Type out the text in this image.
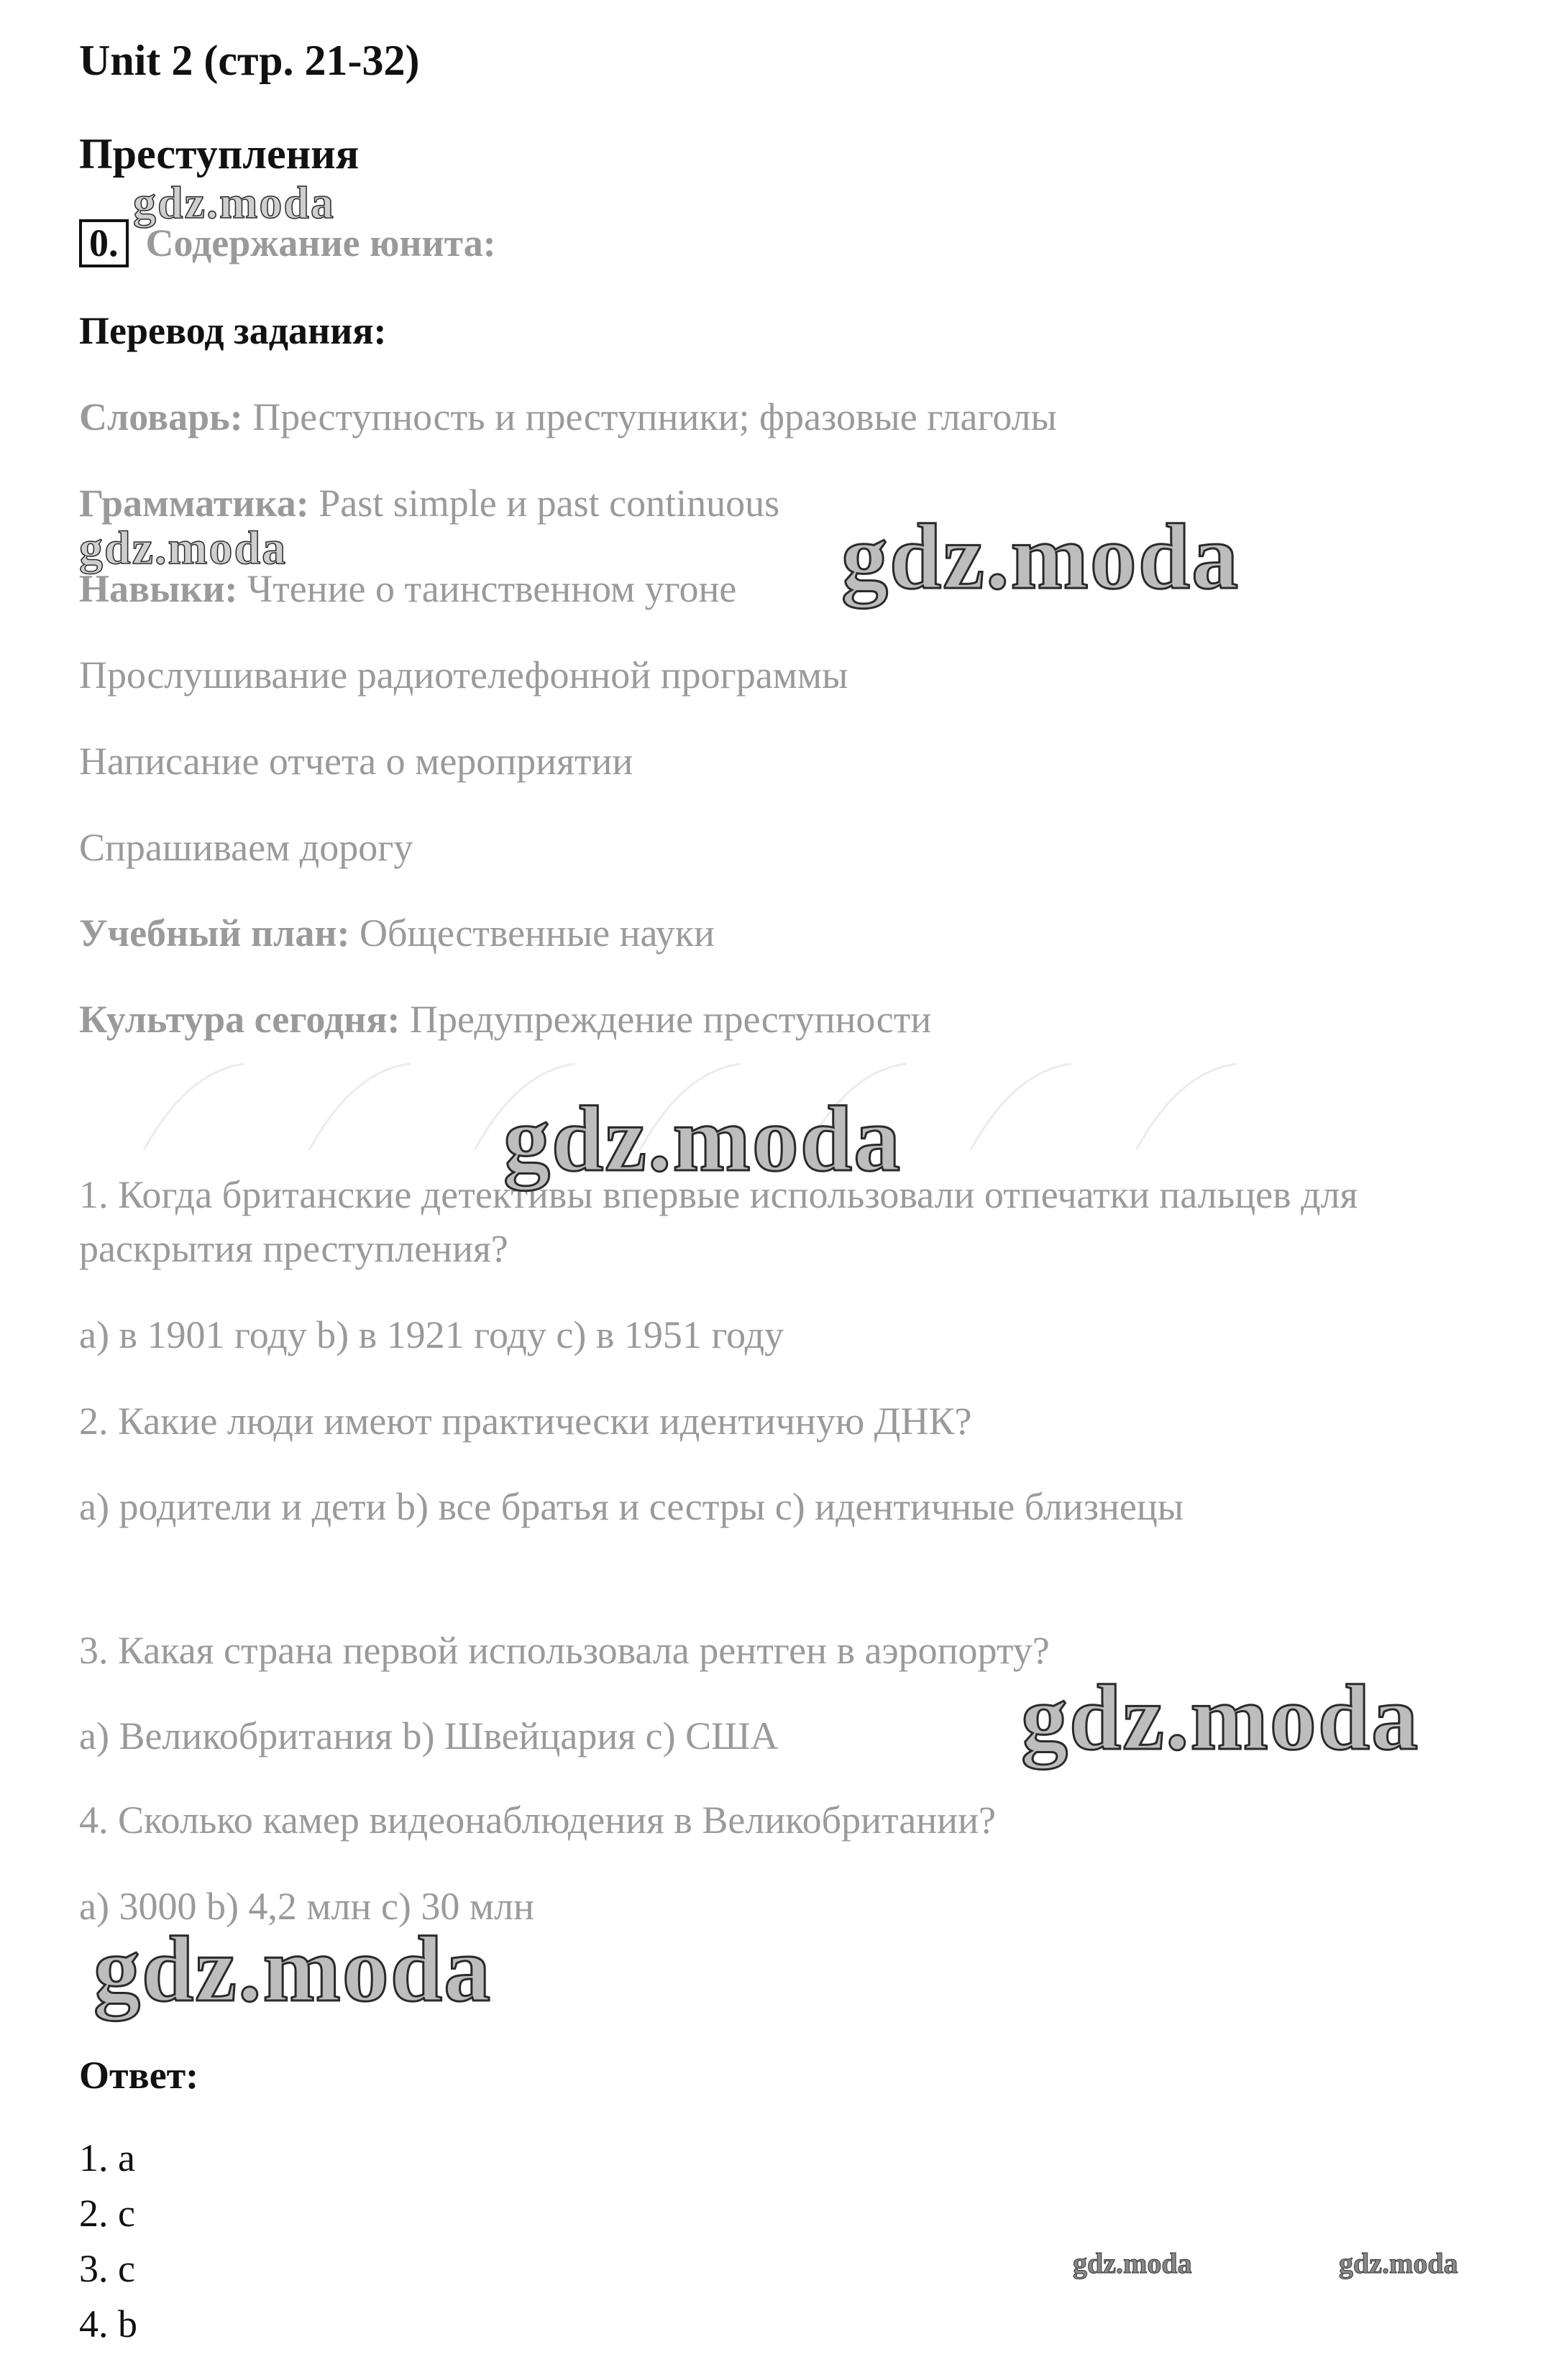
Unit 2 (стр. 21-32)
Преступления
0. Содержание юнита:
Перевод задания:
Словарь: Преступность и преступники; фразовые глаголы
Грамматика: Past simple и past continuous
Навыки: Чтение о таинственном угоне
Прослушивание радиотелефонной программы
Написание отчета о мероприятии
Спрашиваем дорогу
Учебный план: Общественные науки
Культура сегодня: Предупреждение преступности
1. Когда британские детективы впервые использовали отпечатки пальцев для
раскрытия преступления?
а) в 1901 году b) в 1921 году с) в 1951 году
2. Какие люди имеют практически идентичную ДНК?
а) родители и дети b) все братья и сестры с) идентичные близнецы
3. Какая страна первой использовала рентген в аэропорту?
а) Великобритания b) Швейцария с) США
4. Сколько камер видеонаблюдения в Великобритании?
а) 3000 b) 4,2 млн с) 30 млн
Ответ:
1. a
2. c
3. c
4. b
gdz.moda
gdz.moda	gdz.moda
gdz.moda
gdz.moda
gdz.moda
gdz.moda	gdz.moda
